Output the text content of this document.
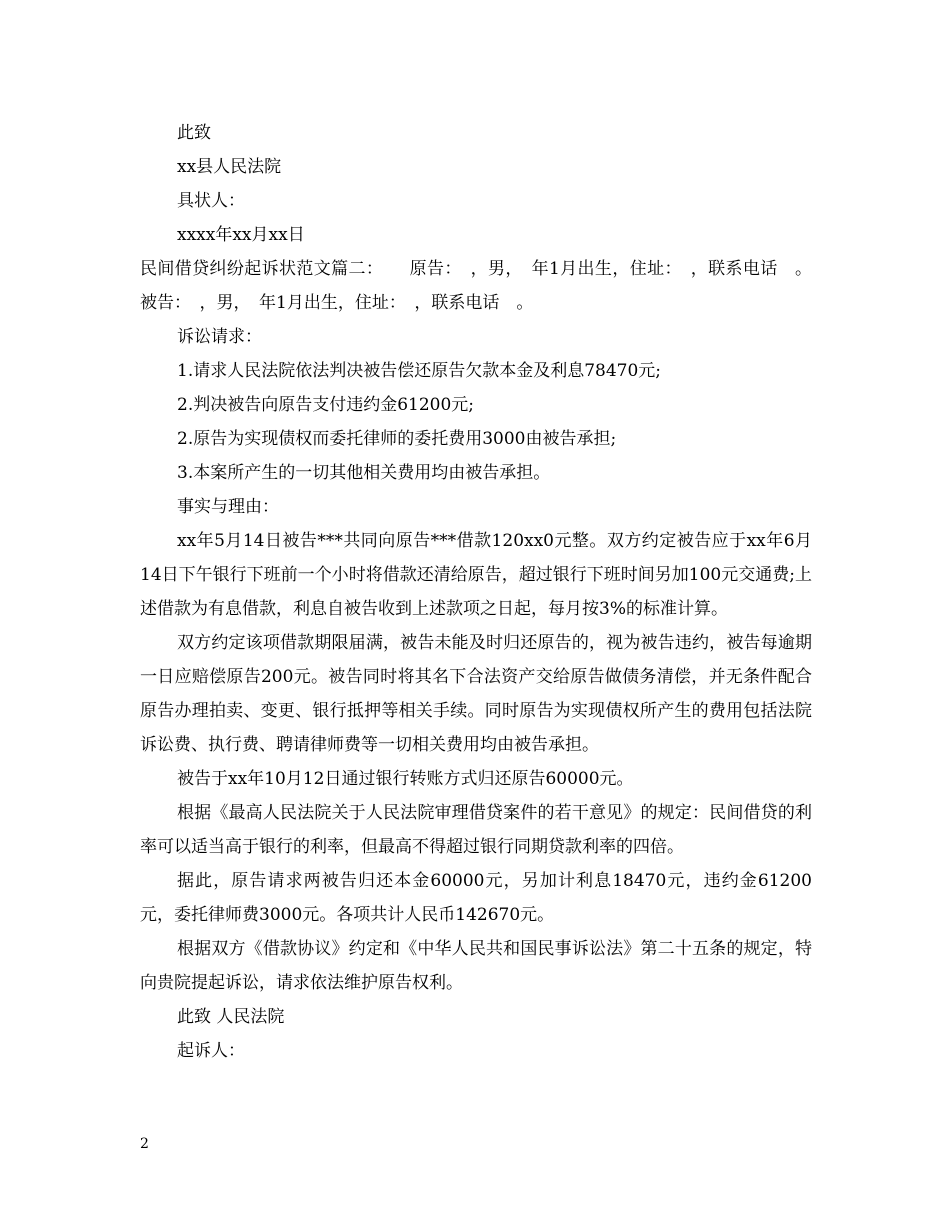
此致

xx县人民法院

具状人：

xxxx年xx月xx日

民间借贷纠纷起诉状范文篇二：　　原告：　，男，　年1月出生，住址：　，联系电话　。 被告：　，男，　年1月出生，住址：　，联系电话　。

诉讼请求：

1.请求人民法院依法判决被告偿还原告欠款本金及利息78470元;

2.判决被告向原告支付违约金61200元;

2.原告为实现债权而委托律师的委托费用3000由被告承担;

3.本案所产生的一切其他相关费用均由被告承担。

事实与理由：

xx年5月14日被告***共同向原告***借款120xx0元整。双方约定被告应于xx年6月14日下午银行下班前一个小时将借款还清给原告，超过银行下班时间另加100元交通费;上述借款为有息借款，利息自被告收到上述款项之日起，每月按3%的标准计算。

双方约定该项借款期限届满，被告未能及时归还原告的，视为被告违约，被告每逾期一日应赔偿原告200元。被告同时将其名下合法资产交给原告做债务清偿，并无条件配合原告办理拍卖、变更、银行抵押等相关手续。同时原告为实现债权所产生的费用包括法院诉讼费、执行费、聘请律师费等一切相关费用均由被告承担。

被告于xx年10月12日通过银行转账方式归还原告60000元。

根据《最高人民法院关于人民法院审理借贷案件的若干意见》的规定：民间借贷的利率可以适当高于银行的利率，但最高不得超过银行同期贷款利率的四倍。

据此，原告请求两被告归还本金60000元，另加计利息18470元，违约金61200元，委托律师费3000元。各项共计人民币142670元。

根据双方《借款协议》约定和《中华人民共和国民事诉讼法》第二十五条的规定，特向贵院提起诉讼，请求依法维护原告权利。

此致 人民法院

起诉人：

2
